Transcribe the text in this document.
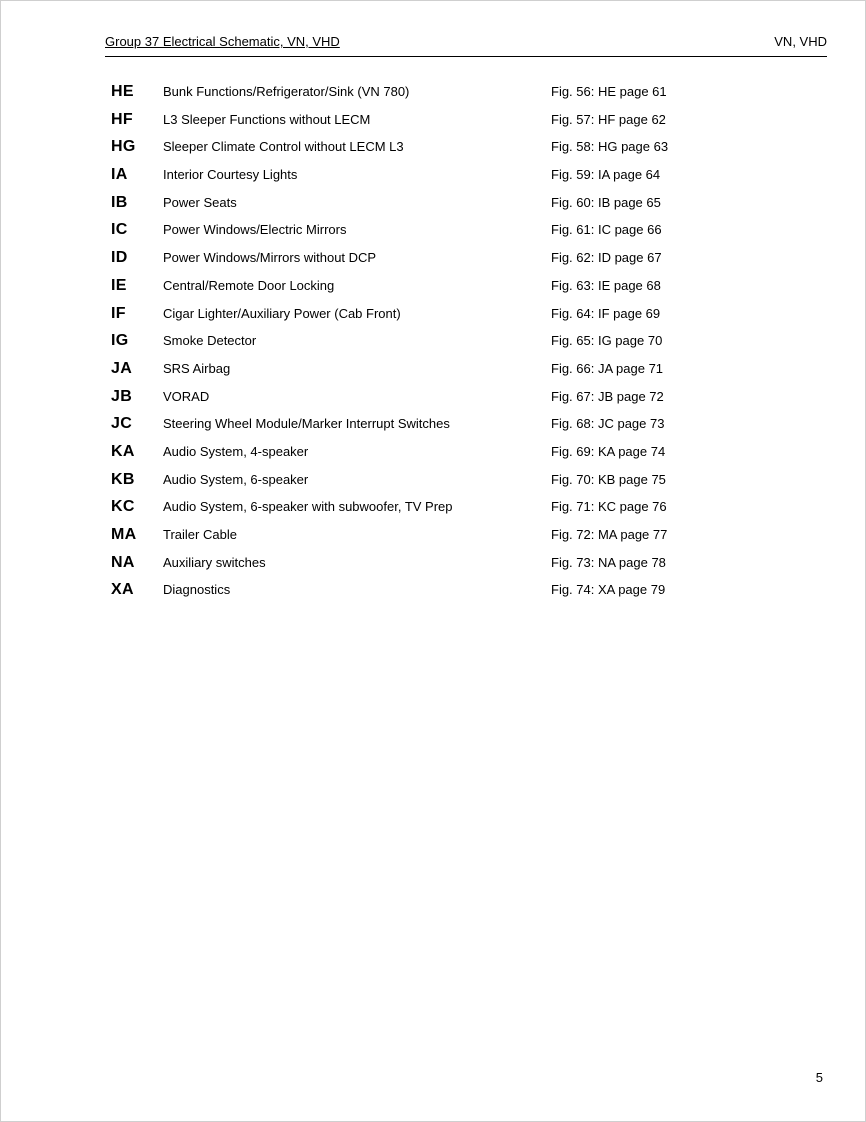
Group 37 Electrical Schematic, VN, VHD	VN, VHD
HE	Bunk Functions/Refrigerator/Sink (VN 780)	Fig. 56: HE page 61
HF	L3 Sleeper Functions without LECM	Fig. 57: HF page 62
HG	Sleeper Climate Control without LECM L3	Fig. 58: HG page 63
IA	Interior Courtesy Lights	Fig. 59: IA page 64
IB	Power Seats	Fig. 60: IB page 65
IC	Power Windows/Electric Mirrors	Fig. 61: IC page 66
ID	Power Windows/Mirrors without DCP	Fig. 62: ID page 67
IE	Central/Remote Door Locking	Fig. 63: IE page 68
IF	Cigar Lighter/Auxiliary Power (Cab Front)	Fig. 64: IF page 69
IG	Smoke Detector	Fig. 65: IG page 70
JA	SRS Airbag	Fig. 66: JA page 71
JB	VORAD	Fig. 67: JB page 72
JC	Steering Wheel Module/Marker Interrupt Switches	Fig. 68: JC page 73
KA	Audio System, 4-speaker	Fig. 69: KA page 74
KB	Audio System, 6-speaker	Fig. 70: KB page 75
KC	Audio System, 6-speaker with subwoofer, TV Prep	Fig. 71: KC page 76
MA	Trailer Cable	Fig. 72: MA page 77
NA	Auxiliary switches	Fig. 73: NA page 78
XA	Diagnostics	Fig. 74: XA page 79
5
